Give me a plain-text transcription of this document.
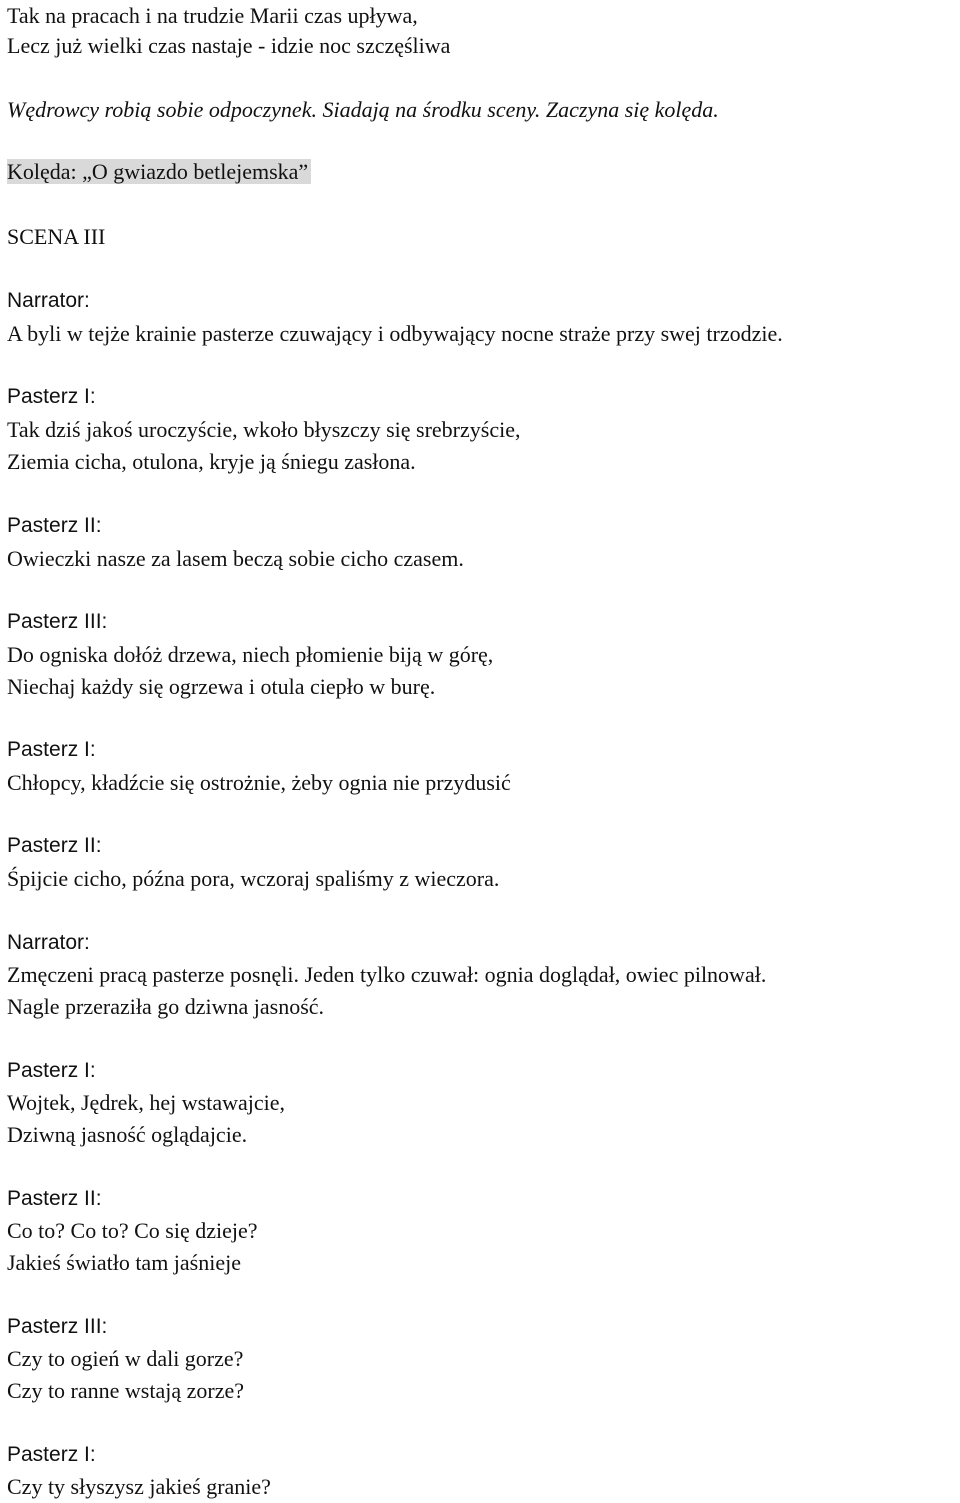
Tak na pracach i na trudzie Marii czas upływa,
Lecz już wielki czas nastaje - idzie noc szczęśliwa
Wędrowcy robią sobie odpoczynek. Siadają na środku sceny. Zaczyna się kolęda.
Kolęda: „O gwiazdo betlejemska”
SCENA III
Narrator:
A byli w tejże krainie pasterze czuwający i odbywający nocne straże przy swej trzodzie.
Pasterz I:
Tak dziś jakoś uroczyście, wkoło błyszczy się srebrzyście,
Ziemia cicha, otulona, kryje ją śniegu zasłona.
Pasterz II:
Owieczki nasze za lasem beczą sobie cicho czasem.
Pasterz III:
Do ogniska dołóż drzewa, niech płomienie biją w górę,
Niechaj każdy się ogrzewa i otula ciepło w burę.
Pasterz I:
Chłopcy, kładźcie się ostrożnie, żeby ognia nie przydusić
Pasterz II:
Śpijcie cicho, późna pora, wczoraj spaliśmy z wieczora.
Narrator:
Zmęczeni pracą pasterze posnęli. Jeden tylko czuwał: ognia doglądał, owiec pilnował.
Nagle przeraziła go dziwna jasność.
Pasterz I:
Wojtek, Jędrek, hej wstawajcie,
Dziwną jasność oglądajcie.
Pasterz II:
Co to? Co to? Co się dzieje?
Jakieś światło tam jaśnieje
Pasterz III:
Czy to ogień w dali gorze?
Czy to ranne wstają zorze?
Pasterz I:
Czy ty słyszysz jakieś granie?
